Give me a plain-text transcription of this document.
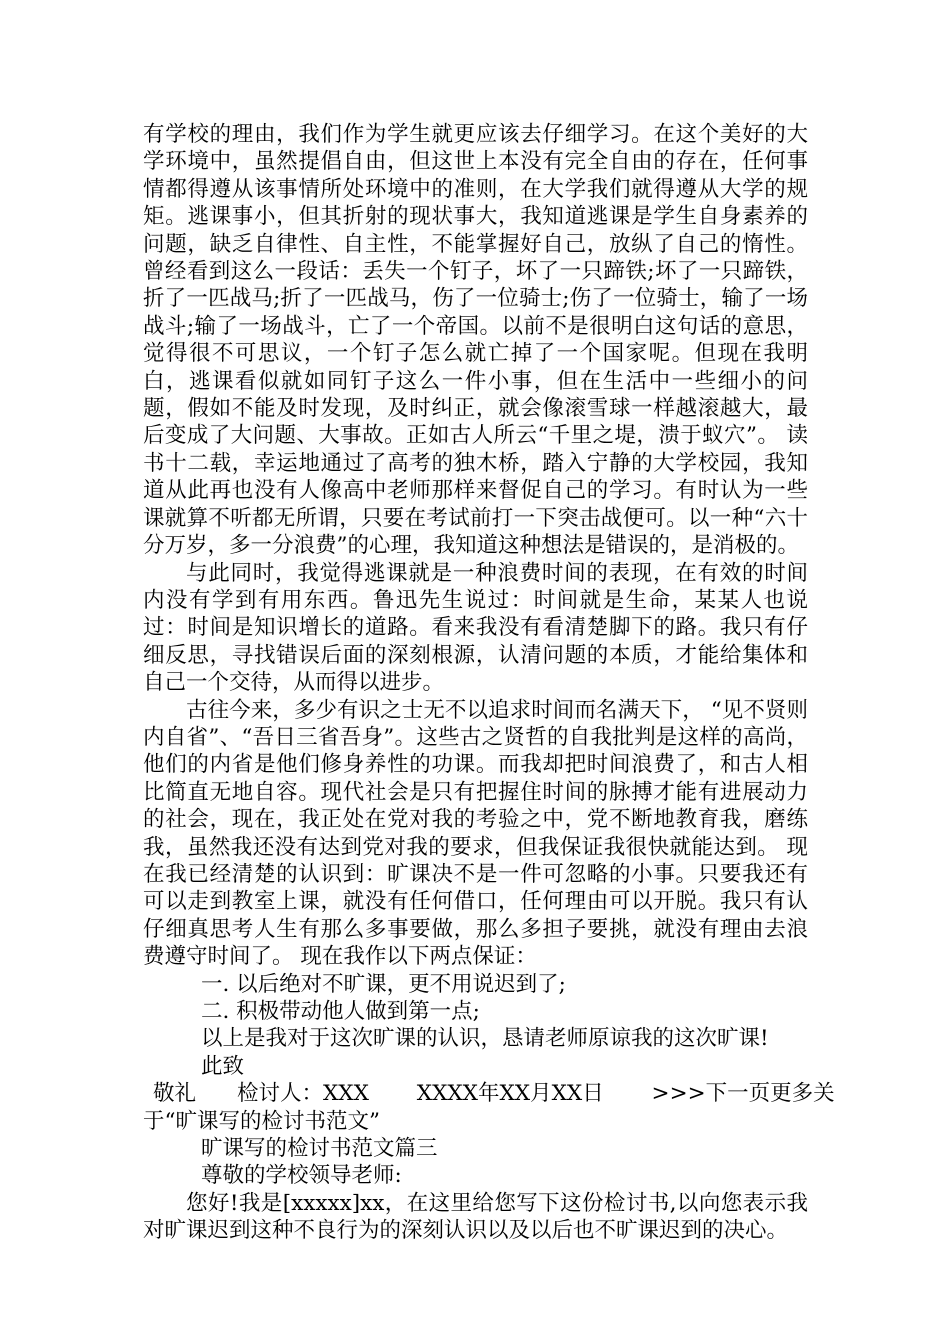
有学校的理由，我们作为学生就更应该去仔细学习。在这个美好的大学环境中，虽然提倡自由，但这世上本没有完全自由的存在，任何事情都得遵从该事情所处环境中的准则，在大学我们就得遵从大学的规矩。逃课事小，但其折射的现状事大，我知道逃课是学生自身素养的问题，缺乏自律性、自主性，不能掌握好自己，放纵了自己的惰性。曾经看到这么一段话：丢失一个钉子，坏了一只蹄铁;坏了一只蹄铁，折了一匹战马;折了一匹战马，伤了一位骑士;伤了一位骑士，输了一场战斗;输了一场战斗，亡了一个帝国。以前不是很明白这句话的意思，觉得很不可思议，一个钉子怎么就亡掉了一个国家呢。但现在我明白，逃课看似就如同钉子这么一件小事，但在生活中一些细小的问题，假如不能及时发现，及时纠正，就会像滚雪球一样越滚越大，最后变成了大问题、大事故。正如古人所云“千里之堤，溃于蚁穴”。 读书十二载，幸运地通过了高考的独木桥，踏入宁静的大学校园，我知道从此再也没有人像高中老师那样来督促自己的学习。有时认为一些课就算不听都无所谓，只要在考试前打一下突击战便可。以一种“六十分万岁，多一分浪费”的心理，我知道这种想法是错误的，是消极的。

与此同时，我觉得逃课就是一种浪费时间的表现，在有效的时间内没有学到有用东西。鲁迅先生说过：时间就是生命，某某人也说过：时间是知识增长的道路。看来我没有看清楚脚下的路。我只有仔细反思，寻找错误后面的深刻根源，认清问题的本质，才能给集体和自己一个交待，从而得以进步。

古往今来，多少有识之士无不以追求时间而名满天下， “见不贤则内自省”、“吾日三省吾身”。这些古之贤哲的自我批判是这样的高尚，他们的内省是他们修身养性的功课。而我却把时间浪费了，和古人相比简直无地自容。现代社会是只有把握住时间的脉搏才能有进展动力的社会，现在，我正处在党对我的考验之中，党不断地教育我，磨练我，虽然我还没有达到党对我的要求，但我保证我很快就能达到。 现在我已经清楚的认识到：旷课决不是一件可忽略的小事。只要我还有可以走到教室上课，就没有任何借口，任何理由可以开脱。我只有认仔细真思考人生有那么多事要做，那么多担子要挑，就没有理由去浪费遵守时间了。 现在我作以下两点保证：

一. 以后绝对不旷课，更不用说迟到了;
二. 积极带动他人做到第一点;
以上是我对于这次旷课的认识，恳请老师原谅我的这次旷课!
此致
敬礼      检讨人：XXX       XXXX年XX月XX日       >>>下一页更多关
于“旷课写的检讨书范文”
旷课写的检讨书范文篇三
尊敬的学校领导老师:

您好!我是[xxxxx]xx，在这里给您写下这份检讨书,以向您表示我对旷课迟到这种不良行为的深刻认识以及以后也不旷课迟到的决心。
